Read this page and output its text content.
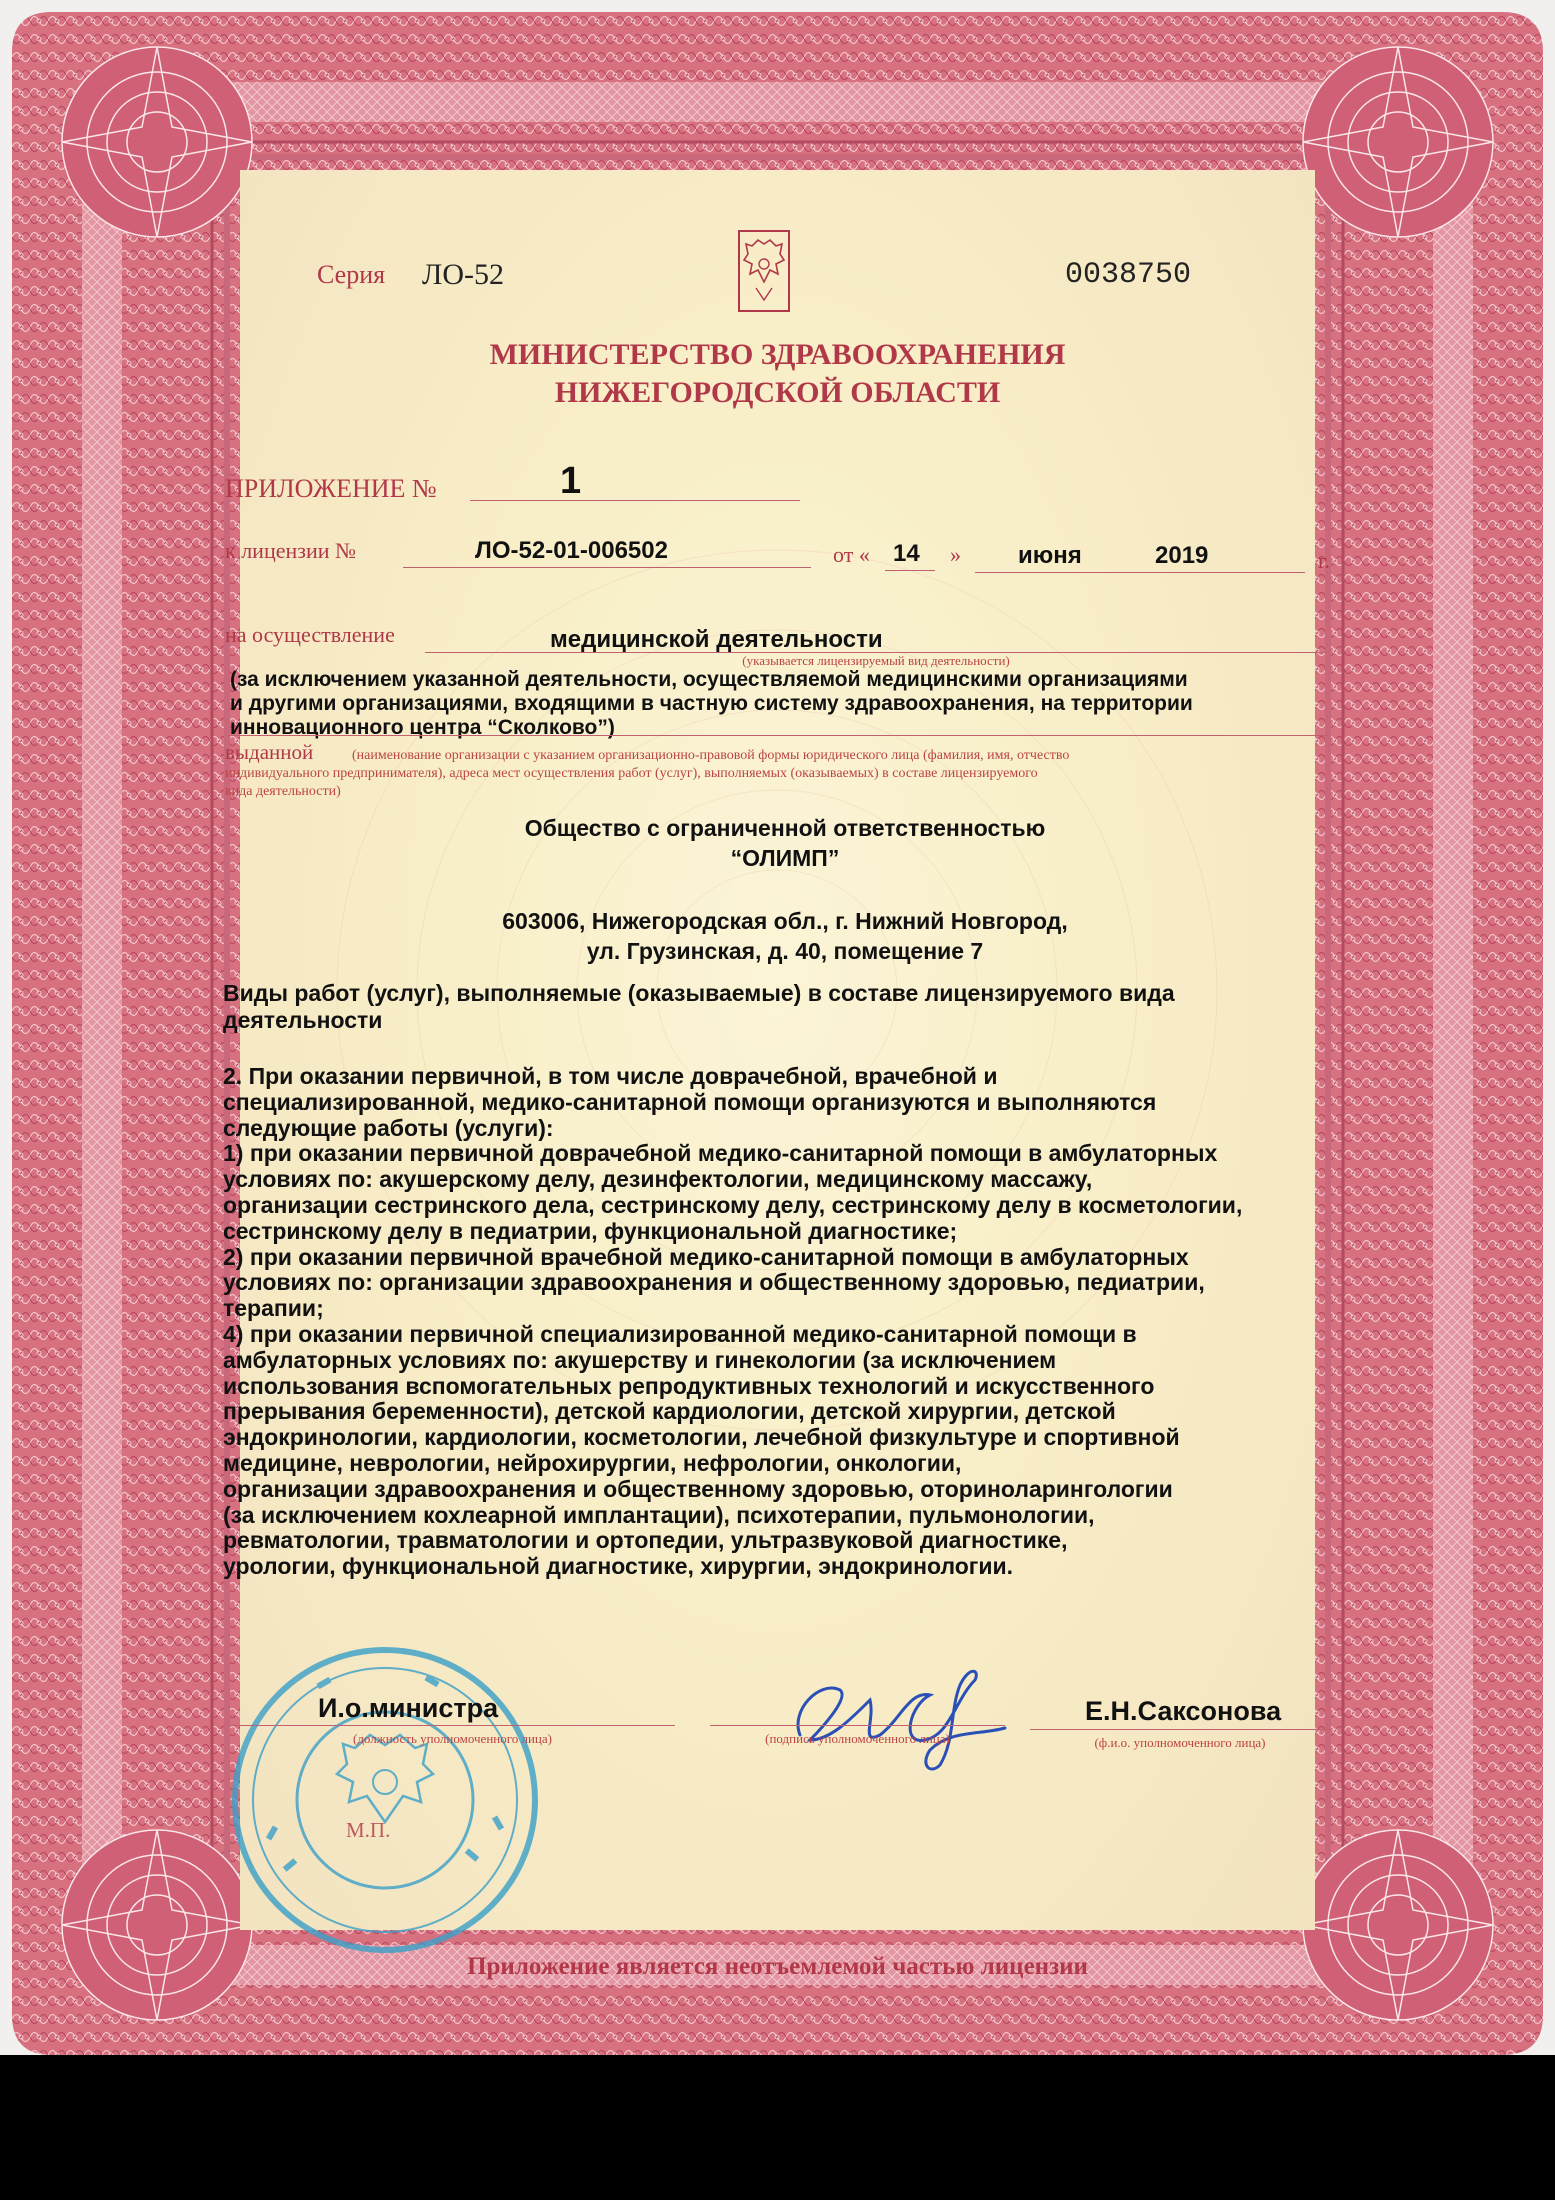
Серия ЛО-52	0038750
МИНИСТЕРСТВО ЗДРАВООХРАНЕНИЯ
НИЖЕГОРОДСКОЙ ОБЛАСТИ
ПРИЛОЖЕНИЕ №	1
к лицензии №	ЛО-52-01-006502	от « 14 » июня	2019	г.
на осуществление	медицинской деятельности
(указывается лицензируемый вид деятельности)
(за исключением указанной деятельности, осуществляемой медицинскими организациями
и другими организациями, входящими в частную систему здравоохранения, на территории
инновационного центра “Сколково”)
выданной	(наименование организации с указанием организационно-правовой формы юридического лица (фамилия, имя, отчество
индивидуального предпринимателя), адреса мест осуществления работ (услуг), выполняемых (оказываемых) в составе лицензируемого
вида деятельности)
Общество с ограниченной ответственностью
“ОЛИМП”
603006, Нижегородская обл., г. Нижний Новгород,
ул. Грузинская, д. 40, помещение 7
Виды работ (услуг), выполняемые (оказываемые) в составе лицензируемого вида
деятельности
2. При оказании первичной, в том числе доврачебной, врачебной и
специализированной, медико-санитарной помощи организуются и выполняются
следующие работы (услуги):
1) при оказании первичной доврачебной медико-санитарной помощи в амбулаторных
условиях по: акушерскому делу, дезинфектологии, медицинскому массажу,
организации сестринского дела, сестринскому делу, сестринскому делу в косметологии,
сестринскому делу в педиатрии, функциональной диагностике;
2) при оказании первичной врачебной медико-санитарной помощи в амбулаторных
условиях по: организации здравоохранения и общественному здоровью, педиатрии,
терапии;
4) при оказании первичной специализированной медико-санитарной помощи в
амбулаторных условиях по: акушерству и гинекологии (за исключением
использования вспомогательных репродуктивных технологий и искусственного
прерывания беременности), детской кардиологии, детской хирургии, детской
эндокринологии, кардиологии, косметологии, лечебной физкультуре и спортивной
медицине, неврологии, нейрохирургии, нефрологии, онкологии,
организации здравоохранения и общественному здоровью, оториноларингологии
(за исключением кохлеарной имплантации), психотерапии, пульмонологии,
ревматологии, травматологии и ортопедии, ультразвуковой диагностике,
урологии, функциональной диагностике, хирургии, эндокринологии.
И.о.министра
(должность уполномоченного лица)	(подпись уполномоченного лица)
Е.Н.Саксонова
(ф.и.о. уполномоченного лица)
М.П.
Приложение является неотъемлемой частью лицензии
